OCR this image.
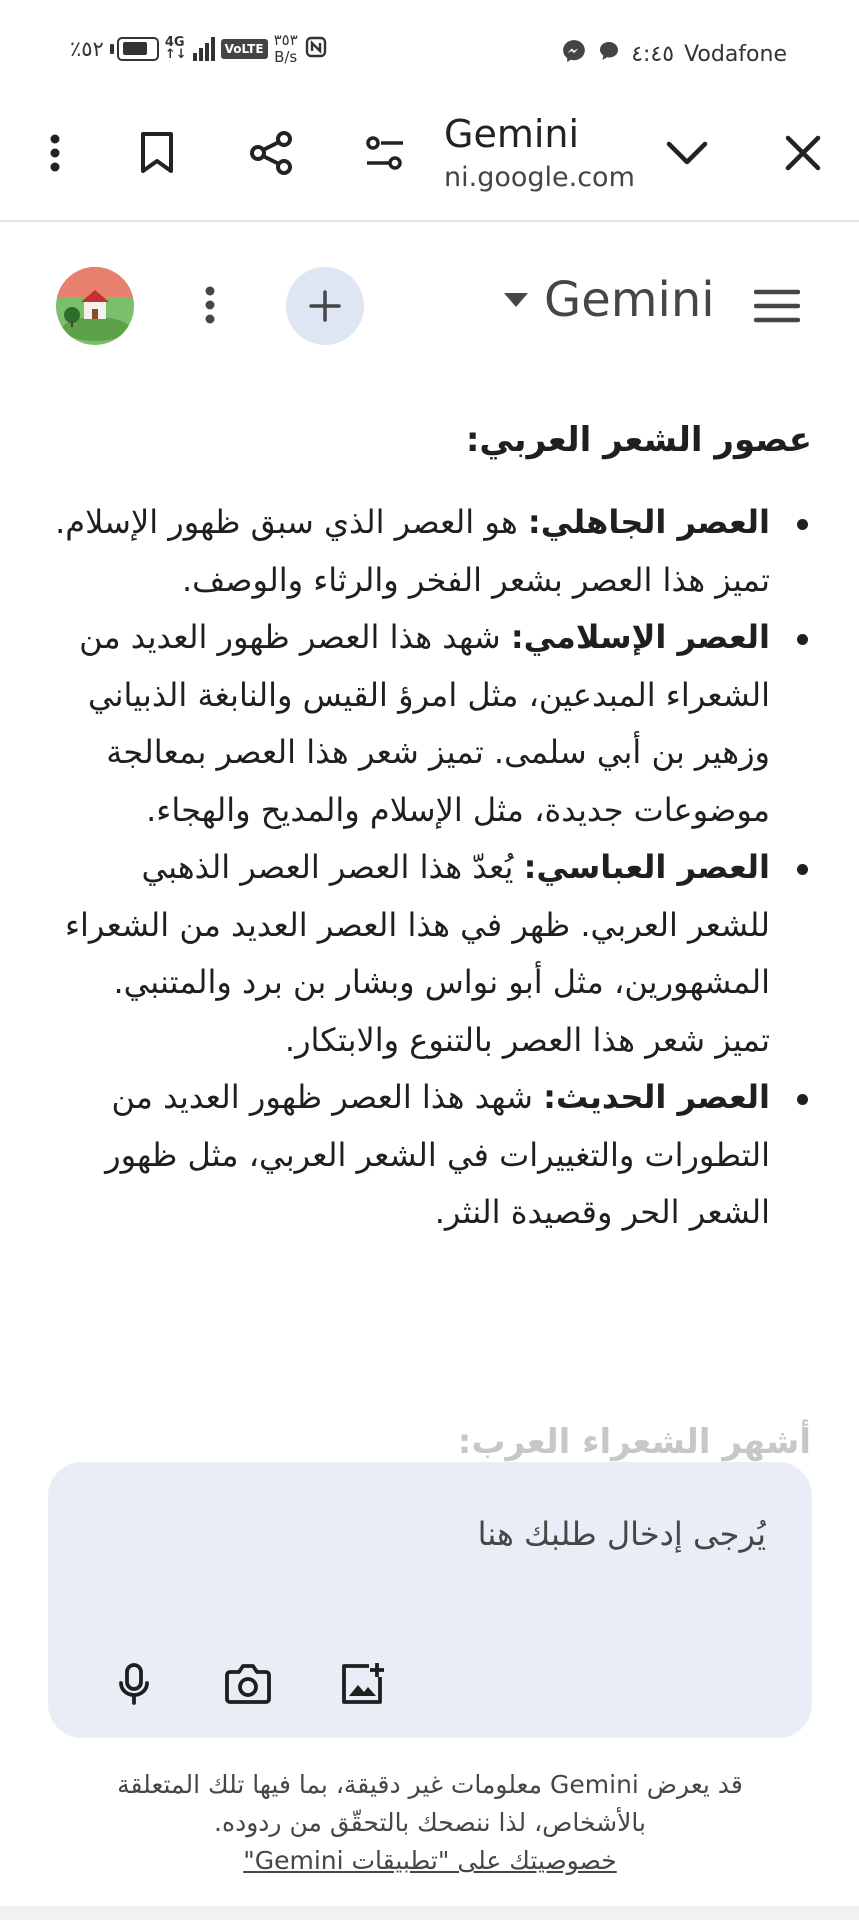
٪٥٢	4G
↑↓	VoLTE ٣٥٣
B/s	٤:٤٥ Vodafone
Gemini
ni.google.com
Gemini
عصور الشعر العربي:
العصر الجاهلي: هو العصر الذي سبق ظهور الإسلام. تميز هذا العصر بشعر الفخر والرثاء والوصف.
العصر الإسلامي: شهد هذا العصر ظهور العديد من الشعراء المبدعين، مثل امرؤ القيس والنابغة الذبياني وزهير بن أبي سلمى. تميز شعر هذا العصر بمعالجة موضوعات جديدة، مثل الإسلام والمديح والهجاء.
العصر العباسي: يُعدّ هذا العصر العصر الذهبي للشعر العربي. ظهر في هذا العصر العديد من الشعراء المشهورين، مثل أبو نواس وبشار بن برد والمتنبي. تميز شعر هذا العصر بالتنوع والابتكار.
العصر الحديث: شهد هذا العصر ظهور العديد من التطورات والتغييرات في الشعر العربي، مثل ظهور الشعر الحر وقصيدة النثر.
أشهر الشعراء العرب:
يُرجى إدخال طلبك هنا
قد يعرض Gemini معلومات غير دقيقة، بما فيها تلك المتعلقة بالأشخاص، لذا ننصحك بالتحقّق من ردوده.
خصوصيتك على "تطبيقات Gemini"
